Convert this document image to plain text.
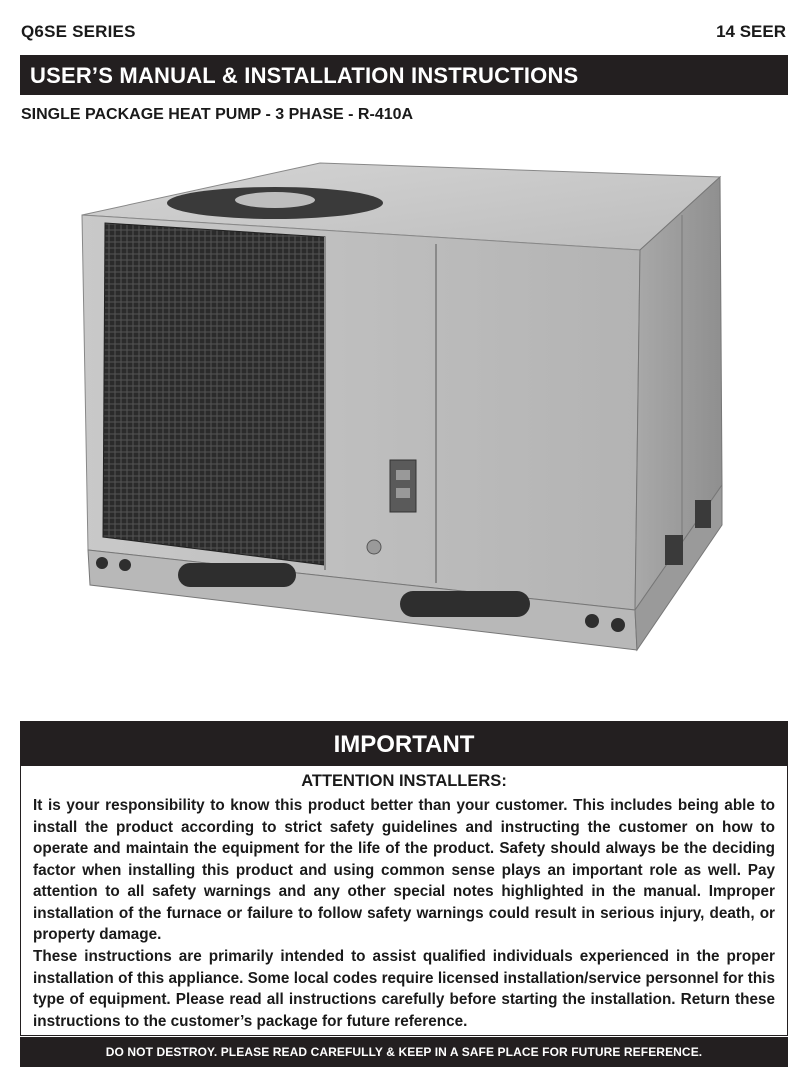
Q6SE SERIES	14 SEER
USER’S MANUAL & INSTALLATION INSTRUCTIONS
SINGLE PACKAGE HEAT PUMP - 3 PHASE - R-410A
IMPORTANT
ATTENTION INSTALLERS:
It is your responsibility to know this product better than your customer. This includes being able to install the product according to strict safety guidelines and instructing the customer on how to operate and maintain the equipment for the life of the product. Safety should always be the deciding factor when installing this product and using common sense plays an important role as well. Pay attention to all safety warnings and any other special notes highlighted in the manual. Improper installation of the furnace or failure to follow safety warnings could result in serious injury, death, or property damage.
These instructions are primarily intended to assist qualified individuals experienced in the proper installation of this appliance. Some local codes require licensed installation/service personnel for this type of equipment. Please read all instructions carefully before starting the installation. Return these instructions to the customer’s package for future reference.
DO NOT DESTROY. PLEASE READ CAREFULLY & KEEP IN A SAFE PLACE FOR FUTURE REFERENCE.
